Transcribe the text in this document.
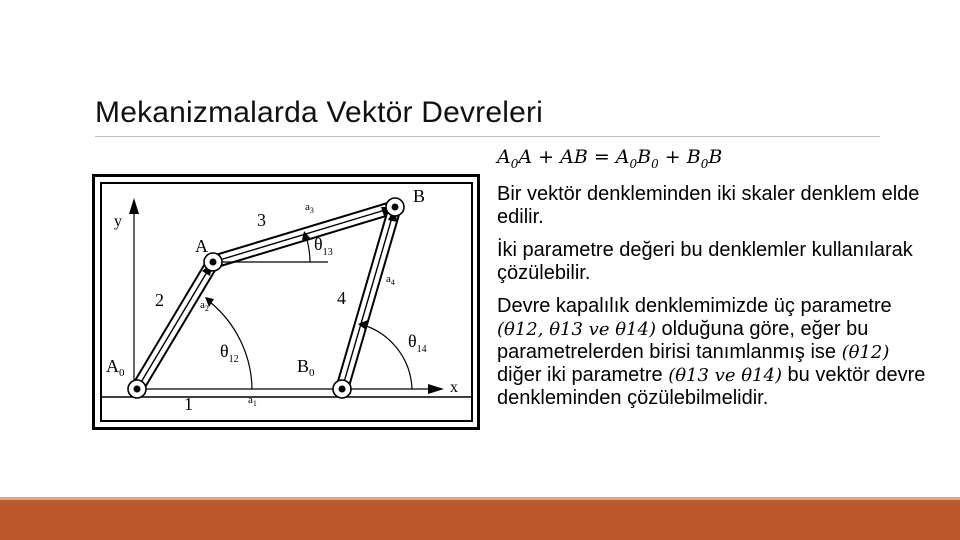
Mekanizmalarda Vektör Devreleri
y
x
1	$a_1$
2	$a_2$
3
$a_3$
4
$a_4$
$\theta_{12}$
$\theta_{13}$
$\theta_{14}$
A
B
$A_0$	$B_0$
$A_0A$ + AB = $A_0B_0 + B_0B$

Bir vektör denkleminden iki skaler denklem elde edilir.

İki parametre değeri bu denklemler kullanılarak çözülebilir.

Devre kapalılık denklemimizde üç parametre (θ12, θ13 ve θ14) olduğuna göre, eğer bu parametrelerden birisi tanımlanmış ise (θ12) diğer iki parametre (θ13 ve θ14) bu vektör devre denkleminden çözülebilmelidir.
